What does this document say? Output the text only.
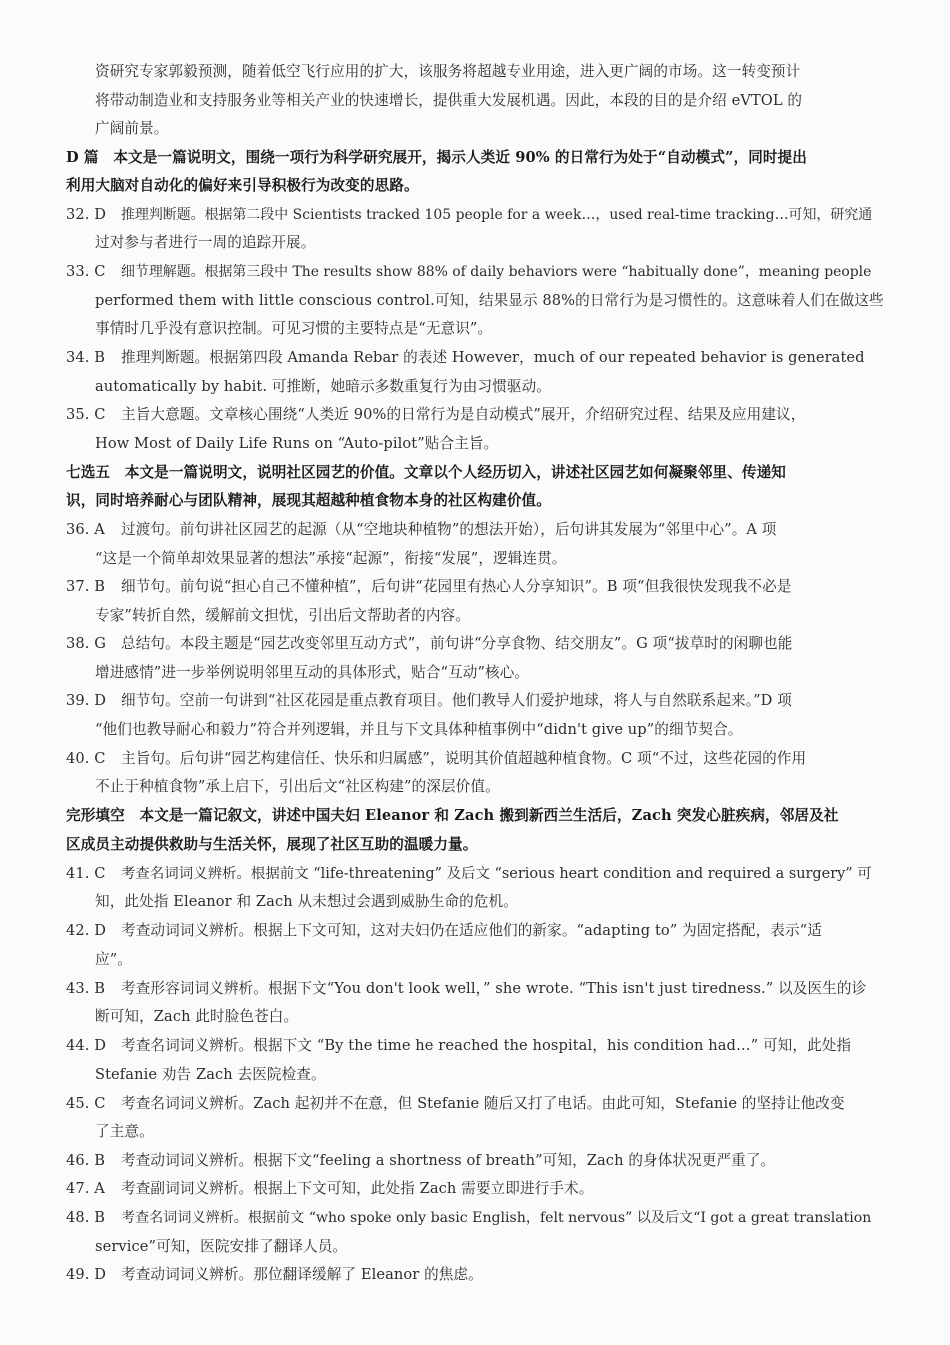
资研究专家郭毅预测，随着低空飞行应用的扩大，该服务将超越专业用途，进入更广阔的市场。这一转变预计
将带动制造业和支持服务业等相关产业的快速增长，提供重大发展机遇。因此，本段的目的是介绍 eVTOL 的
广阔前景。
D 篇　本文是一篇说明文，围绕一项行为科学研究展开，揭示人类近 90% 的日常行为处于“自动模式”，同时提出
利用大脑对自动化的偏好来引导积极行为改变的思路。
32. D 推理判断题。根据第二段中 Scientists tracked 105 people for a week…，used real-time tracking…可知，研究通
过对参与者进行一周的追踪开展。
33. C 细节理解题。根据第三段中 The results show 88% of daily behaviors were “habitually done”，meaning people
performed them with little conscious control.可知，结果显示 88%的日常行为是习惯性的。这意味着人们在做这些
事情时几乎没有意识控制。可见习惯的主要特点是“无意识”。
34. B 推理判断题。根据第四段 Amanda Rebar 的表述 However，much of our repeated behavior is generated
automatically by habit. 可推断，她暗示多数重复行为由习惯驱动。
35. C 主旨大意题。文章核心围绕“人类近 90%的日常行为是自动模式”展开，介绍研究过程、结果及应用建议，
How Most of Daily Life Runs on “Auto-pilot”贴合主旨。
七选五　本文是一篇说明文，说明社区园艺的价值。文章以个人经历切入，讲述社区园艺如何凝聚邻里、传递知
识，同时培养耐心与团队精神，展现其超越种植食物本身的社区构建价值。
36. A 过渡句。前句讲社区园艺的起源（从“空地块种植物”的想法开始），后句讲其发展为“邻里中心”。A 项
“这是一个简单却效果显著的想法”承接“起源”，衔接“发展”，逻辑连贯。
37. B 细节句。前句说“担心自己不懂种植”，后句讲“花园里有热心人分享知识”。B 项“但我很快发现我不必是
专家”转折自然，缓解前文担忧，引出后文帮助者的内容。
38. G 总结句。本段主题是“园艺改变邻里互动方式”，前句讲“分享食物、结交朋友”。G 项“拔草时的闲聊也能
增进感情”进一步举例说明邻里互动的具体形式，贴合“互动”核心。
39. D 细节句。空前一句讲到“社区花园是重点教育项目。他们教导人们爱护地球，将人与自然联系起来。”D 项
“他们也教导耐心和毅力”符合并列逻辑，并且与下文具体种植事例中“didn't give up”的细节契合。
40. C 主旨句。后句讲“园艺构建信任、快乐和归属感”，说明其价值超越种植食物。C 项“不过，这些花园的作用
不止于种植食物”承上启下，引出后文“社区构建”的深层价值。
完形填空　本文是一篇记叙文，讲述中国夫妇 Eleanor 和 Zach 搬到新西兰生活后，Zach 突发心脏疾病，邻居及社
区成员主动提供救助与生活关怀，展现了社区互助的温暖力量。
41. C 考查名词词义辨析。根据前文 “life-threatening” 及后文 “serious heart condition and required a surgery” 可
知，此处指 Eleanor 和 Zach 从未想过会遇到威胁生命的危机。
42. D 考查动词词义辨析。根据上下文可知，这对夫妇仍在适应他们的新家。“adapting to” 为固定搭配，表示“适
应”。
43. B 考查形容词词义辨析。根据下文“You don't look well，” she wrote. “This isn't just tiredness.” 以及医生的诊
断可知，Zach 此时脸色苍白。
44. D 考查名词词义辨析。根据下文 “By the time he reached the hospital，his condition had…” 可知，此处指
Stefanie 劝告 Zach 去医院检查。
45. C 考查名词词义辨析。Zach 起初并不在意，但 Stefanie 随后又打了电话。由此可知，Stefanie 的坚持让他改变
了主意。
46. B 考查动词词义辨析。根据下文“feeling a shortness of breath”可知，Zach 的身体状况更严重了。
47. A 考查副词词义辨析。根据上下文可知，此处指 Zach 需要立即进行手术。
48. B 考查名词词义辨析。根据前文 “who spoke only basic English，felt nervous” 以及后文“I got a great translation
service”可知，医院安排了翻译人员。
49. D 考查动词词义辨析。那位翻译缓解了 Eleanor 的焦虑。
